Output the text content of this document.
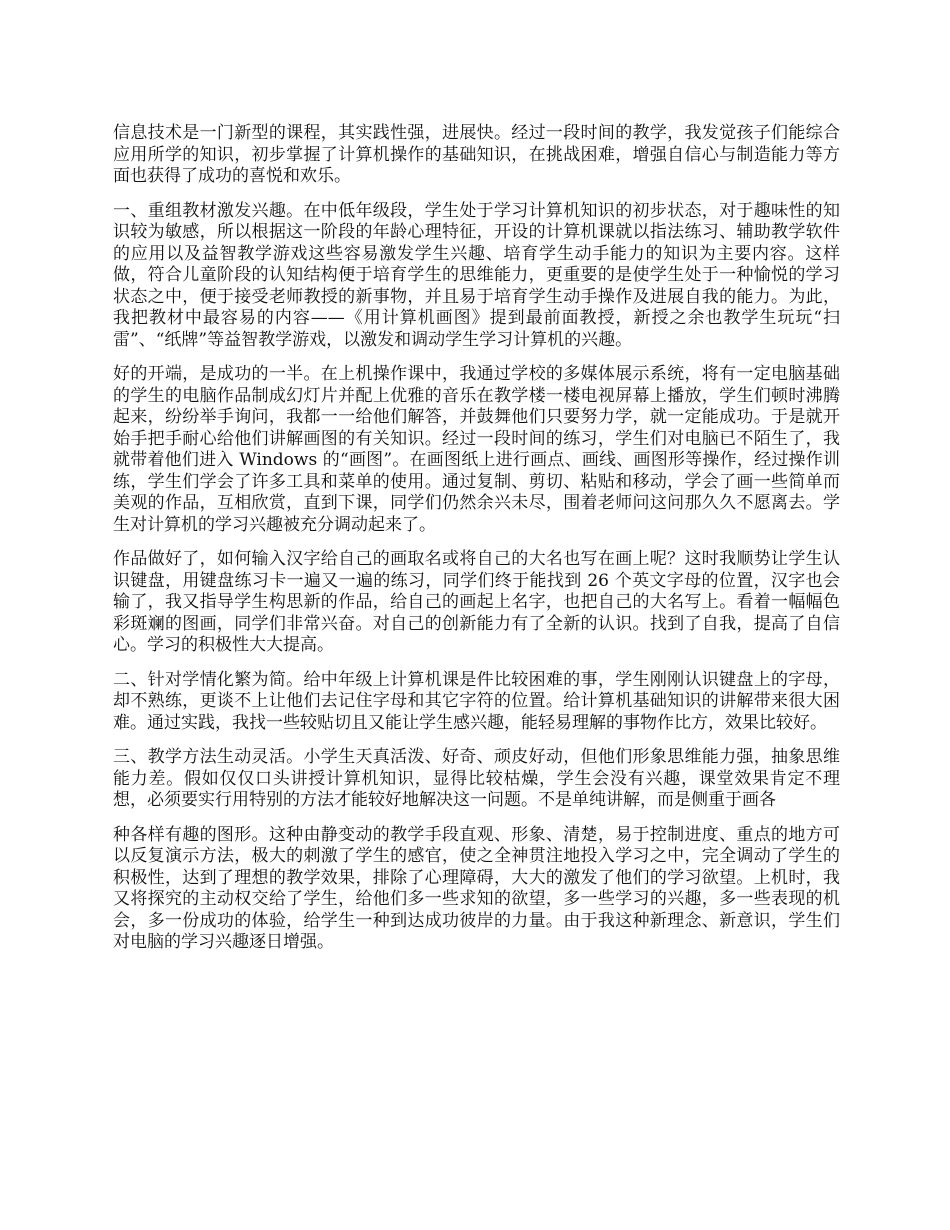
信息技术是一门新型的课程，其实践性强，进展快。经过一段时间的教学，我发觉孩子们能综合应用所学的知识，初步掌握了计算机操作的基础知识，在挑战困难，增强自信心与制造能力等方面也获得了成功的喜悦和欢乐。

一、重组教材激发兴趣。在中低年级段，学生处于学习计算机知识的初步状态，对于趣味性的知识较为敏感，所以根据这一阶段的年龄心理特征，开设的计算机课就以指法练习、辅助教学软件的应用以及益智教学游戏这些容易激发学生兴趣、培育学生动手能力的知识为主要内容。这样做，符合儿童阶段的认知结构便于培育学生的思维能力，更重要的是使学生处于一种愉悦的学习状态之中，便于接受老师教授的新事物，并且易于培育学生动手操作及进展自我的能力。为此，我把教材中最容易的内容——《用计算机画图》提到最前面教授，新授之余也教学生玩玩“扫雷”、“纸牌”等益智教学游戏，以激发和调动学生学习计算机的兴趣。

好的开端，是成功的一半。在上机操作课中，我通过学校的多媒体展示系统，将有一定电脑基础的学生的电脑作品制成幻灯片并配上优雅的音乐在教学楼一楼电视屏幕上播放，学生们顿时沸腾起来，纷纷举手询问，我都一一给他们解答，并鼓舞他们只要努力学，就一定能成功。于是就开始手把手耐心给他们讲解画图的有关知识。经过一段时间的练习，学生们对电脑已不陌生了，我就带着他们进入 Windows 的“画图”。在画图纸上进行画点、画线、画图形等操作，经过操作训练，学生们学会了许多工具和菜单的使用。通过复制、剪切、粘贴和移动，学会了画一些简单而美观的作品，互相欣赏，直到下课，同学们仍然余兴未尽，围着老师问这问那久久不愿离去。学生对计算机的学习兴趣被充分调动起来了。

作品做好了，如何输入汉字给自己的画取名或将自己的大名也写在画上呢？这时我顺势让学生认识键盘，用键盘练习卡一遍又一遍的练习，同学们终于能找到 26 个英文字母的位置，汉字也会输了，我又指导学生构思新的作品，给自己的画起上名字，也把自己的大名写上。看着一幅幅色彩斑斓的图画，同学们非常兴奋。对自己的创新能力有了全新的认识。找到了自我，提高了自信心。学习的积极性大大提高。

二、针对学情化繁为简。给中年级上计算机课是件比较困难的事，学生刚刚认识键盘上的字母，却不熟练，更谈不上让他们去记住字母和其它字符的位置。给计算机基础知识的讲解带来很大困难。通过实践，我找一些较贴切且又能让学生感兴趣，能轻易理解的事物作比方，效果比较好。

三、教学方法生动灵活。小学生天真活泼、好奇、顽皮好动，但他们形象思维能力强，抽象思维能力差。假如仅仅口头讲授计算机知识，显得比较枯燥，学生会没有兴趣，课堂效果肯定不理想，必须要实行用特别的方法才能较好地解决这一问题。不是单纯讲解，而是侧重于画各

种各样有趣的图形。这种由静变动的教学手段直观、形象、清楚，易于控制进度、重点的地方可以反复演示方法，极大的刺激了学生的感官，使之全神贯注地投入学习之中，完全调动了学生的积极性，达到了理想的教学效果，排除了心理障碍，大大的激发了他们的学习欲望。上机时，我又将探究的主动权交给了学生，给他们多一些求知的欲望，多一些学习的兴趣，多一些表现的机会，多一份成功的体验，给学生一种到达成功彼岸的力量。由于我这种新理念、新意识，学生们对电脑的学习兴趣逐日增强。
